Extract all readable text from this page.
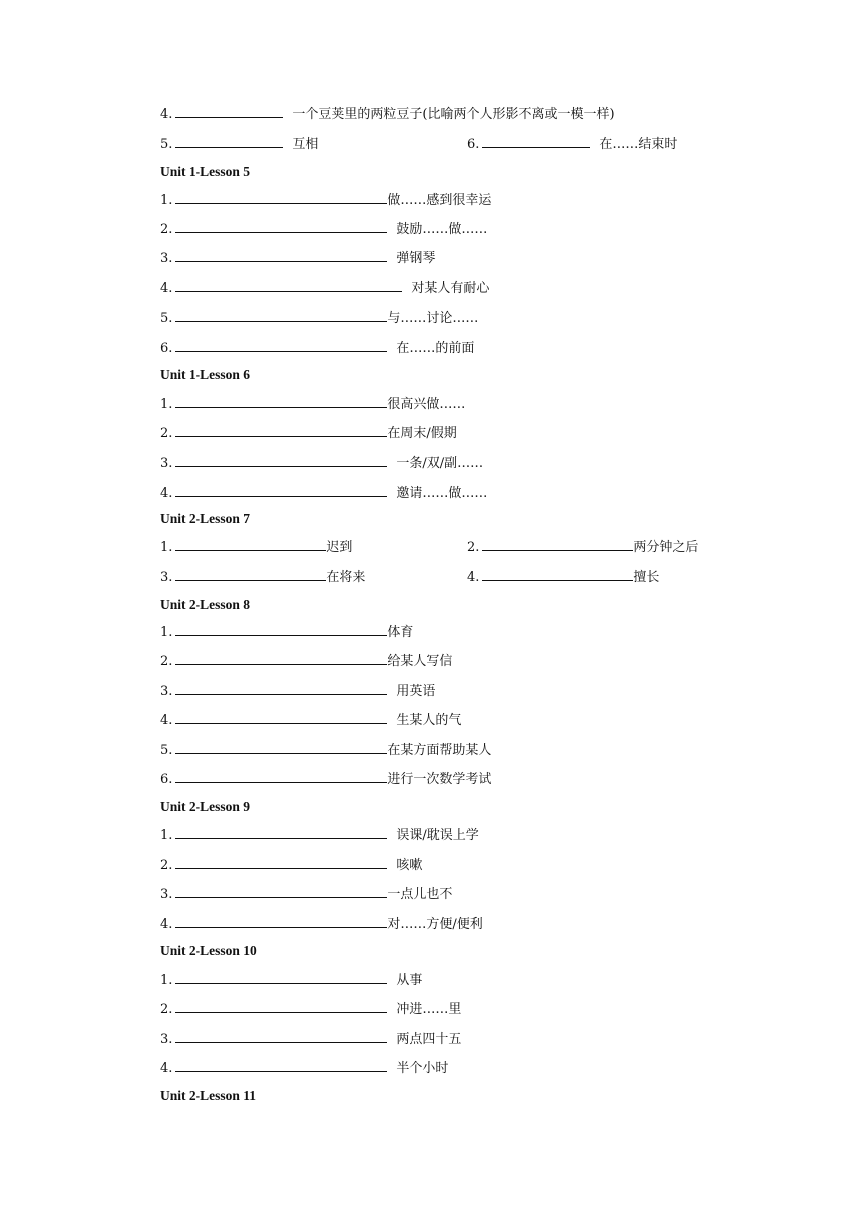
4.	一个豆荚里的两粒豆子(比喻两个人形影不离或一模一样)
5.	互相	6.	在……结束时
Unit 1-Lesson 5
1.	做……感到很幸运
2.	鼓励……做……
3.	弹钢琴
4.	对某人有耐心
5.	与……讨论……
6.	在……的前面
Unit 1-Lesson 6
1.	很高兴做……
2.	在周末/假期
3.	一条/双/副……
4.	邀请……做……
Unit 2-Lesson 7
1.	迟到	2.	两分钟之后
3.	在将来	4.	擅长
Unit 2-Lesson 8
1.	体育
2.	给某人写信
3.	用英语
4.	生某人的气
5.	在某方面帮助某人
6.	进行一次数学考试
Unit 2-Lesson 9
1.	误课/耽误上学
2.	咳嗽
3.	一点儿也不
4.	对……方便/便利
Unit 2-Lesson 10
1.	从事
2.	冲进……里
3.	两点四十五
4.	半个小时
Unit 2-Lesson 11
